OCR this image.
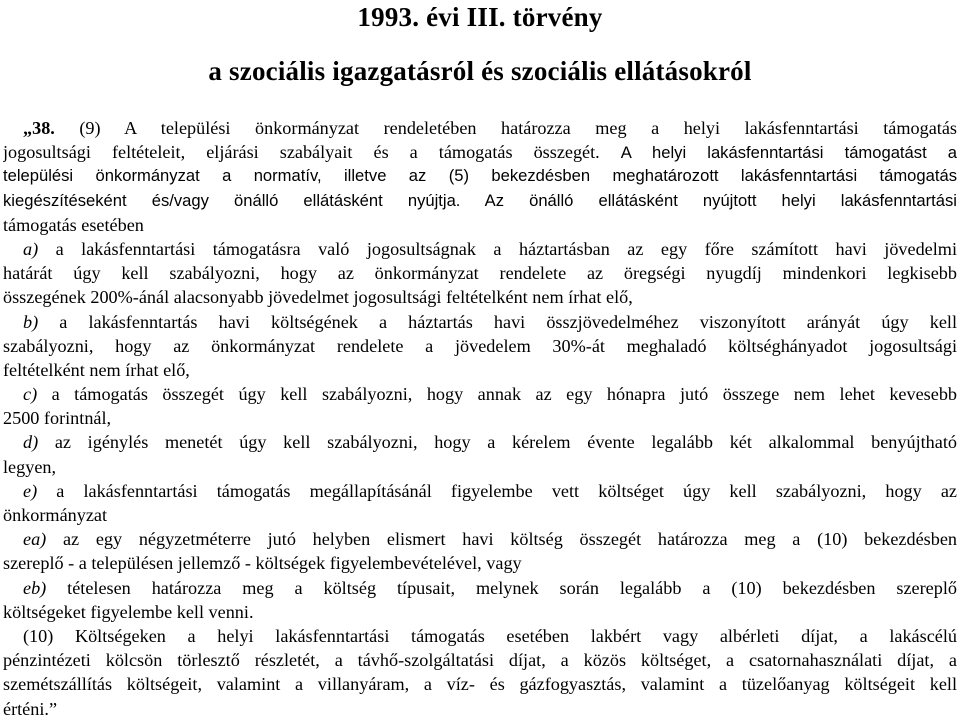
1993. évi III. törvény
a szociális igazgatásról és szociális ellátásokról
„38. (9) A települési önkormányzat rendeletében határozza meg a helyi lakásfenntartási támogatás
jogosultsági feltételeit, eljárási szabályait és a támogatás összegét. A helyi lakásfenntartási támogatást a
települési önkormányzat a normatív, illetve az (5) bekezdésben meghatározott lakásfenntartási támogatás
kiegészítéseként és/vagy önálló ellátásként nyújtja. Az önálló ellátásként nyújtott helyi lakásfenntartási
támogatás esetében
a) a lakásfenntartási támogatásra való jogosultságnak a háztartásban az egy főre számított havi jövedelmi
határát úgy kell szabályozni, hogy az önkormányzat rendelete az öregségi nyugdíj mindenkori legkisebb
összegének 200%-ánál alacsonyabb jövedelmet jogosultsági feltételként nem írhat elő,
b) a lakásfenntartás havi költségének a háztartás havi összjövedelméhez viszonyított arányát úgy kell
szabályozni, hogy az önkormányzat rendelete a jövedelem 30%-át meghaladó költséghányadot jogosultsági
feltételként nem írhat elő,
c) a támogatás összegét úgy kell szabályozni, hogy annak az egy hónapra jutó összege nem lehet kevesebb
2500 forintnál,
d) az igénylés menetét úgy kell szabályozni, hogy a kérelem évente legalább két alkalommal benyújtható
legyen,
e) a lakásfenntartási támogatás megállapításánál figyelembe vett költséget úgy kell szabályozni, hogy az
önkormányzat
ea) az egy négyzetméterre jutó helyben elismert havi költség összegét határozza meg a (10) bekezdésben
szereplő - a településen jellemző - költségek figyelembevételével, vagy
eb) tételesen határozza meg a költség típusait, melynek során legalább a (10) bekezdésben szereplő
költségeket figyelembe kell venni.
(10) Költségeken a helyi lakásfenntartási támogatás esetében lakbért vagy albérleti díjat, a lakáscélú
pénzintézeti kölcsön törlesztő részletét, a távhő-szolgáltatási díjat, a közös költséget, a csatornahasználati díjat, a
szemétszállítás költségeit, valamint a villanyáram, a víz- és gázfogyasztás, valamint a tüzelőanyag költségeit kell
érténi.”
